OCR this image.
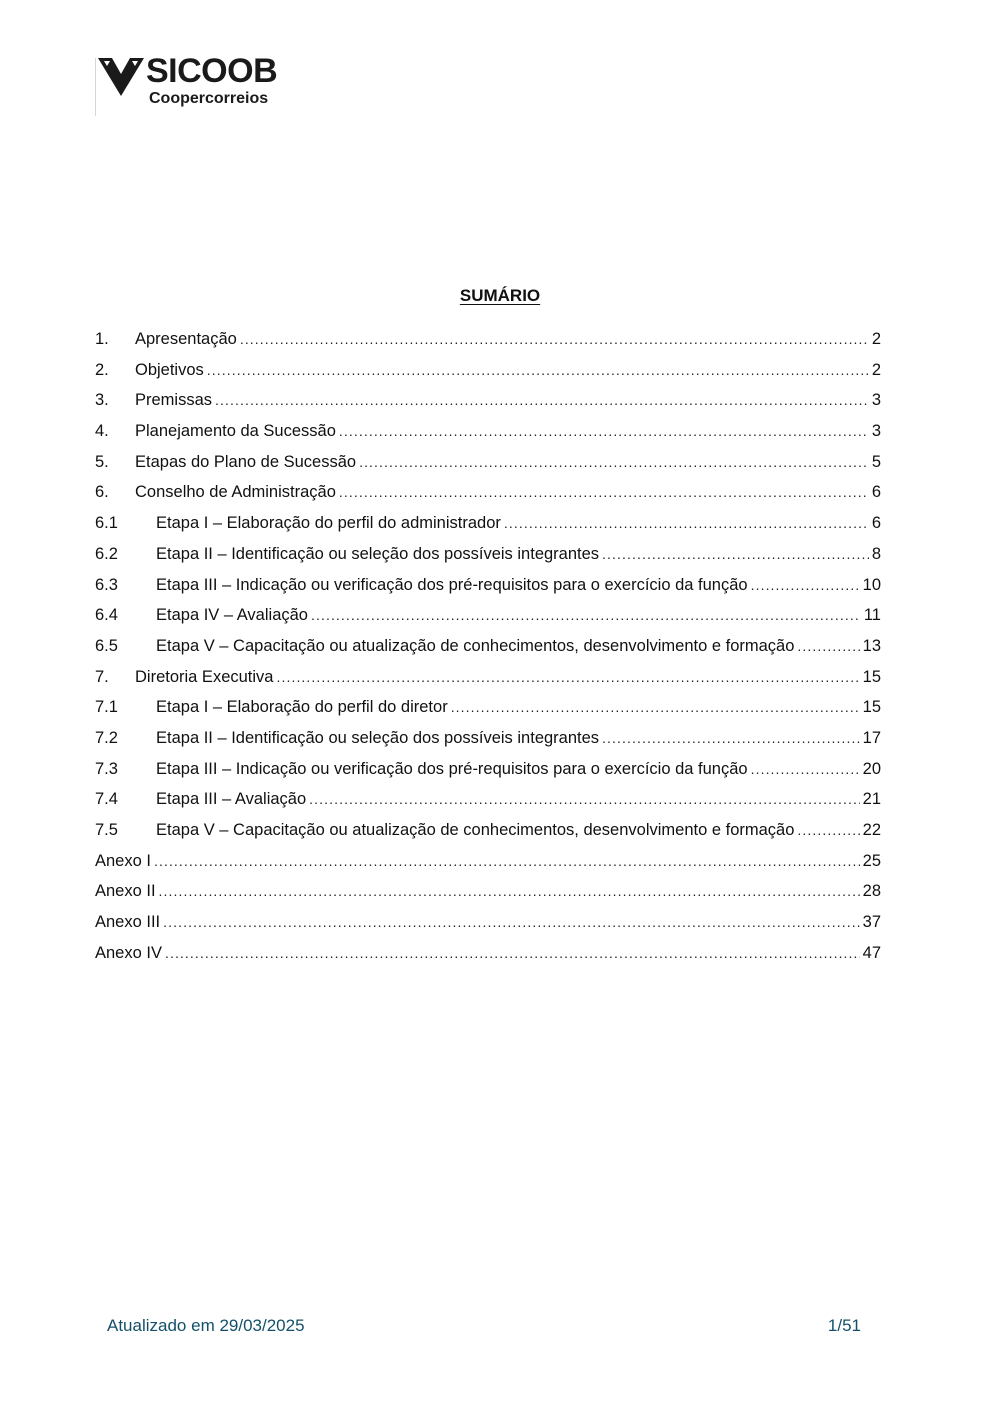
SICOOB
Coopercorreios
SUMÁRIO
1.	Apresentação .....	2
2.	Objetivos .....	2
3.	Premissas .....	3
4.	Planejamento da Sucessão .....	3
5.	Etapas do Plano de Sucessão .....	5
6.	Conselho de Administração .....	6
6.1	Etapa I – Elaboração do perfil do administrador .....	6
6.2	Etapa II – Identificação ou seleção dos possíveis integrantes .....	8
6.3	Etapa III – Indicação ou verificação dos pré-requisitos para o exercício da função .....	10
6.4	Etapa IV – Avaliação .....	11
6.5	Etapa V – Capacitação ou atualização de conhecimentos, desenvolvimento e formação .....	13
7.	Diretoria Executiva .....	15
7.1	Etapa I – Elaboração do perfil do diretor .....	15
7.2	Etapa II – Identificação ou seleção dos possíveis integrantes .....	17
7.3	Etapa III – Indicação ou verificação dos pré-requisitos para o exercício da função .....	20
7.4	Etapa III – Avaliação .....	21
7.5	Etapa V – Capacitação ou atualização de conhecimentos, desenvolvimento e formação .....	22
Anexo I .....	25
Anexo II .....	28
Anexo III .....	37
Anexo IV .....	47
Atualizado em 29/03/2025	1/51
